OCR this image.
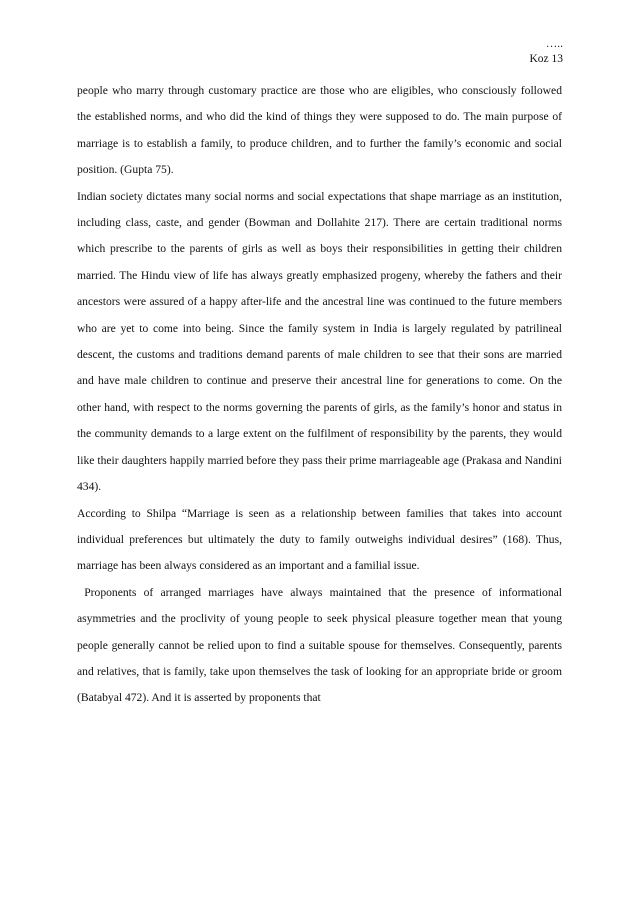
…..
Koz 13

people who marry through customary practice are those who are eligibles, who consciously followed the established norms, and who did the kind of things they were supposed to do. The main purpose of marriage is to establish a family, to produce children, and to further the family’s economic and social position. (Gupta 75).

Indian society dictates many social norms and social expectations that shape marriage as an institution, including class, caste, and gender (Bowman and Dollahite 217). There are certain traditional norms which prescribe to the parents of girls as well as boys their responsibilities in getting their children married. The Hindu view of life has always greatly emphasized progeny, whereby the fathers and their ancestors were assured of a happy after-life and the ancestral line was continued to the future members who are yet to come into being. Since the family system in India is largely regulated by patrilineal descent, the customs and traditions demand parents of male children to see that their sons are married and have male children to continue and preserve their ancestral line for generations to come. On the other hand, with respect to the norms governing the parents of girls, as the family’s honor and status in the community demands to a large extent on the fulfilment of responsibility by the parents, they would like their daughters happily married before they pass their prime marriageable age (Prakasa and Nandini 434).

According to Shilpa “Marriage is seen as a relationship between families that takes into account individual preferences but ultimately the duty to family outweighs individual desires” (168). Thus, marriage has been always considered as an important and a familial issue.

Proponents of arranged marriages have always maintained that the presence of informational asymmetries and the proclivity of young people to seek physical pleasure together mean that young people generally cannot be relied upon to find a suitable spouse for themselves. Consequently, parents and relatives, that is family, take upon themselves the task of looking for an appropriate bride or groom (Batabyal 472). And it is asserted by proponents that
